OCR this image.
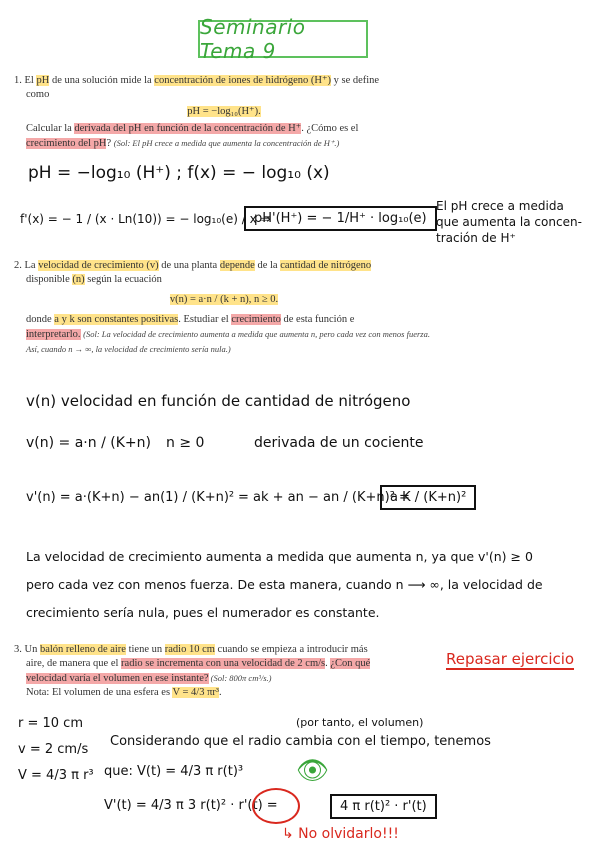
Seminario Tema 9
1. El pH de una solución mide la concentración de iones de hidrógeno (H⁺) y se define
como
pH = −log₁₀(H⁺).
Calcular la derivada del pH en función de la concentración de H⁺. ¿Cómo es el
crecimiento del pH? (Sol: El pH crece a medida que aumenta la concentración de H⁺.)
pH = −log₁₀ (H⁺) ; f(x) = − log₁₀ (x)
f'(x) = − 1 / (x · Ln(10)) = − log₁₀(e) / x ⇒
pH'(H⁺) = − 1/H⁺ · log₁₀(e)
El pH crece a medida
que aumenta la concen-
tración de H⁺
2. La velocidad de crecimiento (v) de una planta depende de la cantidad de nitrógeno
disponible (n) según la ecuación
v(n) = a·n / (k + n), n ≥ 0.
donde a y k son constantes positivas. Estudiar el crecimiento de esta función e
interpretarlo. (Sol: La velocidad de crecimiento aumenta a medida que aumenta n, pero cada vez con menos fuerza. Así, cuando n → ∞, la velocidad de crecimiento sería nula.)
v(n) velocidad en función de cantidad de nitrógeno
v(n) = a·n / (K+n) n ≥ 0	derivada de un cociente
v'(n) = a·(K+n) − an(1) / (K+n)² = ak + an − an / (K+n)² =
a K / (K+n)²
La velocidad de crecimiento aumenta a medida que aumenta n, ya que v'(n) ≥ 0
pero cada vez con menos fuerza. De esta manera, cuando n ⟶ ∞, la velocidad de
crecimiento sería nula, pues el numerador es constante.
3. Un balón relleno de aire tiene un radio 10 cm cuando se empieza a introducir más
aire, de manera que el radio se incrementa con una velocidad de 2 cm/s. ¿Con qué
velocidad varía el volumen en ese instante? (Sol: 800π cm³/s.)
Nota: El volumen de una esfera es V = 4/3 πr³.
Repasar ejercicio
r = 10 cm
v = 2 cm/s
V = 4/3 π r³
(por tanto, el volumen)
Considerando que el radio cambia con el tiempo, tenemos
que: V(t) = 4/3 π r(t)³ 👁
V'(t) = 4/3 π 3 r(t)² · r'(t) =	4 π r(t)² · r'(t)
↳ No olvidarlo!!!
